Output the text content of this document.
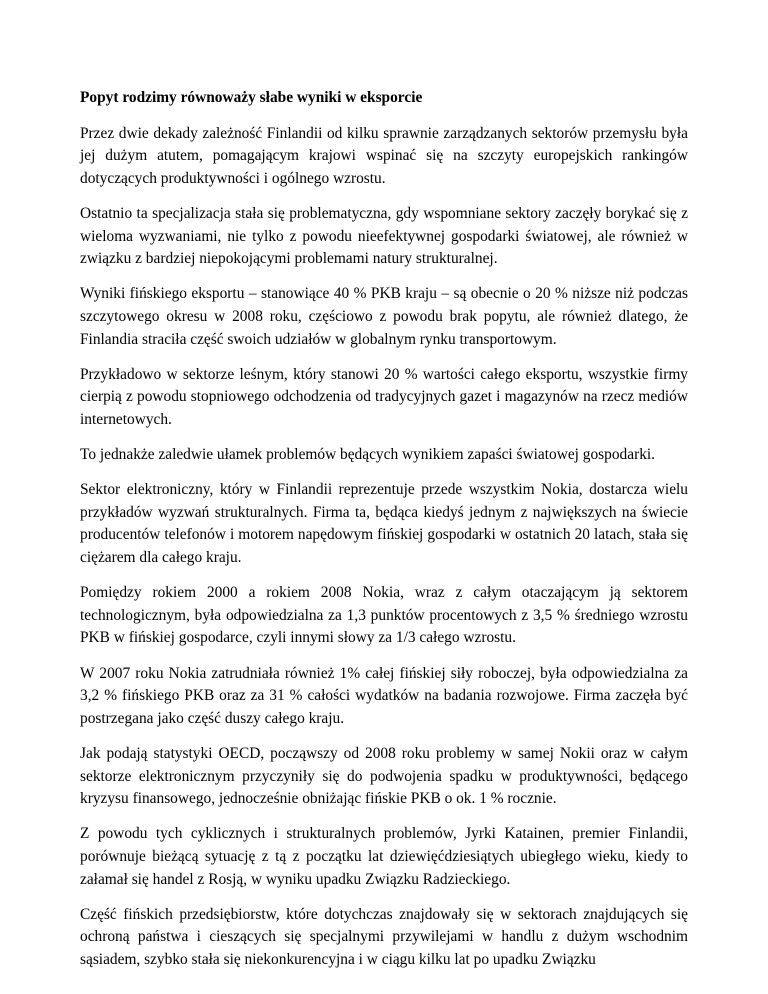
Popyt rodzimy równoważy słabe wyniki w eksporcie

Przez dwie dekady zależność Finlandii od kilku sprawnie zarządzanych sektorów przemysłu była jej dużym atutem, pomagającym krajowi wspinać się na szczyty europejskich rankingów dotyczących produktywności i ogólnego wzrostu.

Ostatnio ta specjalizacja stała się problematyczna, gdy wspomniane sektory zaczęły borykać się z wieloma wyzwaniami, nie tylko z powodu nieefektywnej gospodarki światowej, ale również w związku z bardziej niepokojącymi problemami natury strukturalnej.

Wyniki fińskiego eksportu – stanowiące 40 % PKB kraju – są obecnie o 20 % niższe niż podczas szczytowego okresu w 2008 roku, częściowo z powodu brak popytu, ale również dlatego, że Finlandia straciła część swoich udziałów w globalnym rynku transportowym.

Przykładowo w sektorze leśnym, który stanowi 20 % wartości całego eksportu, wszystkie firmy cierpią z powodu stopniowego odchodzenia od tradycyjnych gazet i magazynów na rzecz mediów internetowych.

To jednakże zaledwie ułamek problemów będących wynikiem zapaści światowej gospodarki.

Sektor elektroniczny, który w Finlandii reprezentuje przede wszystkim Nokia, dostarcza wielu przykładów wyzwań strukturalnych. Firma ta, będąca kiedyś jednym z największych na świecie producentów telefonów i motorem napędowym fińskiej gospodarki w ostatnich 20 latach, stała się ciężarem dla całego kraju.

Pomiędzy rokiem 2000 a rokiem 2008 Nokia, wraz z całym otaczającym ją sektorem technologicznym, była odpowiedzialna za 1,3 punktów procentowych z 3,5 % średniego wzrostu PKB w fińskiej gospodarce, czyli innymi słowy za 1/3 całego wzrostu.

W 2007 roku Nokia zatrudniała również 1% całej fińskiej siły roboczej, była odpowiedzialna za 3,2 % fińskiego PKB oraz za 31 % całości wydatków na badania rozwojowe. Firma zaczęła być postrzegana jako część duszy całego kraju.

Jak podają statystyki OECD, począwszy od 2008 roku problemy w samej Nokii oraz w całym sektorze elektronicznym przyczyniły się do podwojenia spadku w produktywności, będącego kryzysu finansowego, jednocześnie obniżając fińskie PKB o ok. 1 % rocznie.

Z powodu tych cyklicznych i strukturalnych problemów, Jyrki Katainen, premier Finlandii, porównuje bieżącą sytuację z tą z początku lat dziewięćdziesiątych ubiegłego wieku, kiedy to załamał się handel z Rosją, w wyniku upadku Związku Radzieckiego.

Część fińskich przedsiębiorstw, które dotychczas znajdowały się w sektorach znajdujących się ochroną państwa i cieszących się specjalnymi przywilejami w handlu z dużym wschodnim sąsiadem, szybko stała się niekonkurencyjna i w ciągu kilku lat po upadku Związku
